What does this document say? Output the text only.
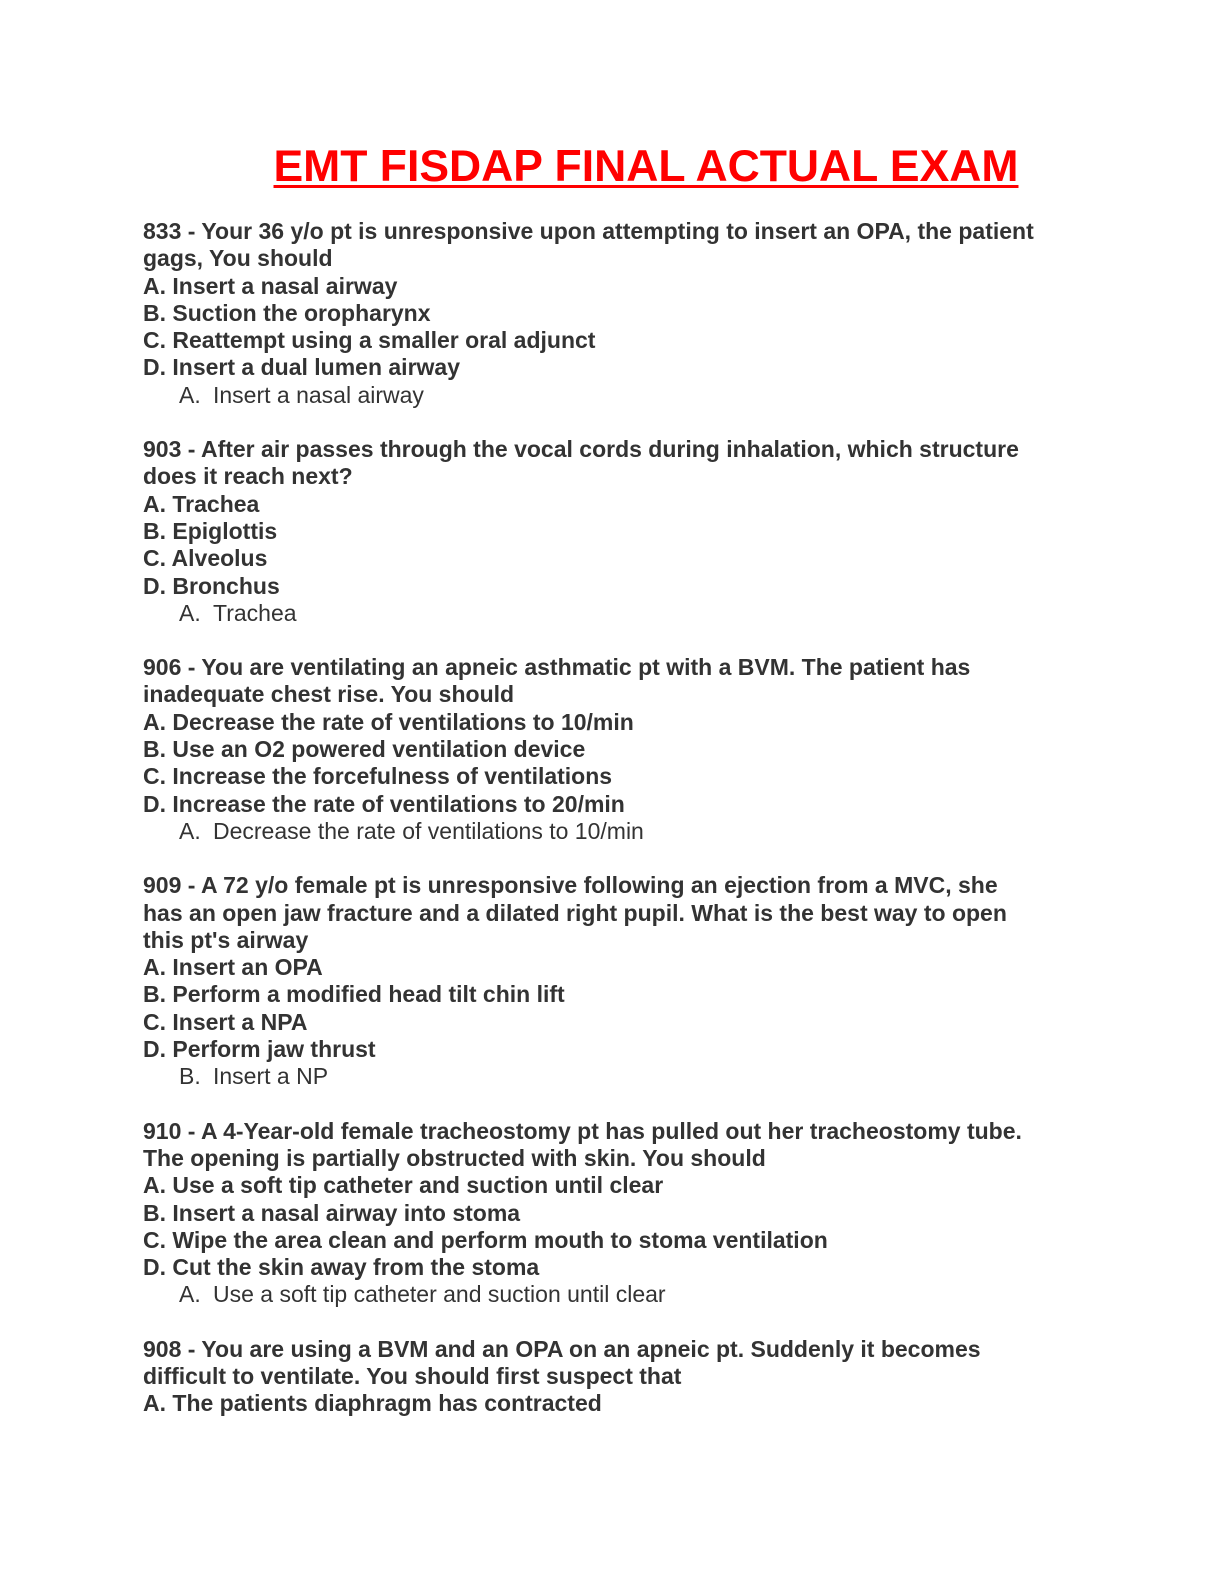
EMT FISDAP FINAL ACTUAL EXAM
833 - Your 36 y/o pt is unresponsive upon attempting to insert an OPA, the patient
gags, You should
A. Insert a nasal airway
B. Suction the oropharynx
C. Reattempt using a smaller oral adjunct
D. Insert a dual lumen airway
A. Insert a nasal airway
903 - After air passes through the vocal cords during inhalation, which structure
does it reach next?
A. Trachea
B. Epiglottis
C. Alveolus
D. Bronchus
A. Trachea
906 - You are ventilating an apneic asthmatic pt with a BVM. The patient has
inadequate chest rise. You should
A. Decrease the rate of ventilations to 10/min
B. Use an O2 powered ventilation device
C. Increase the forcefulness of ventilations
D. Increase the rate of ventilations to 20/min
A. Decrease the rate of ventilations to 10/min
909 - A 72 y/o female pt is unresponsive following an ejection from a MVC, she
has an open jaw fracture and a dilated right pupil. What is the best way to open
this pt's airway
A. Insert an OPA
B. Perform a modified head tilt chin lift
C. Insert a NPA
D. Perform jaw thrust
B. Insert a NP
910 - A 4-Year-old female tracheostomy pt has pulled out her tracheostomy tube.
The opening is partially obstructed with skin. You should
A. Use a soft tip catheter and suction until clear
B. Insert a nasal airway into stoma
C. Wipe the area clean and perform mouth to stoma ventilation
D. Cut the skin away from the stoma
A. Use a soft tip catheter and suction until clear
908 - You are using a BVM and an OPA on an apneic pt. Suddenly it becomes
difficult to ventilate. You should first suspect that
A. The patients diaphragm has contracted
